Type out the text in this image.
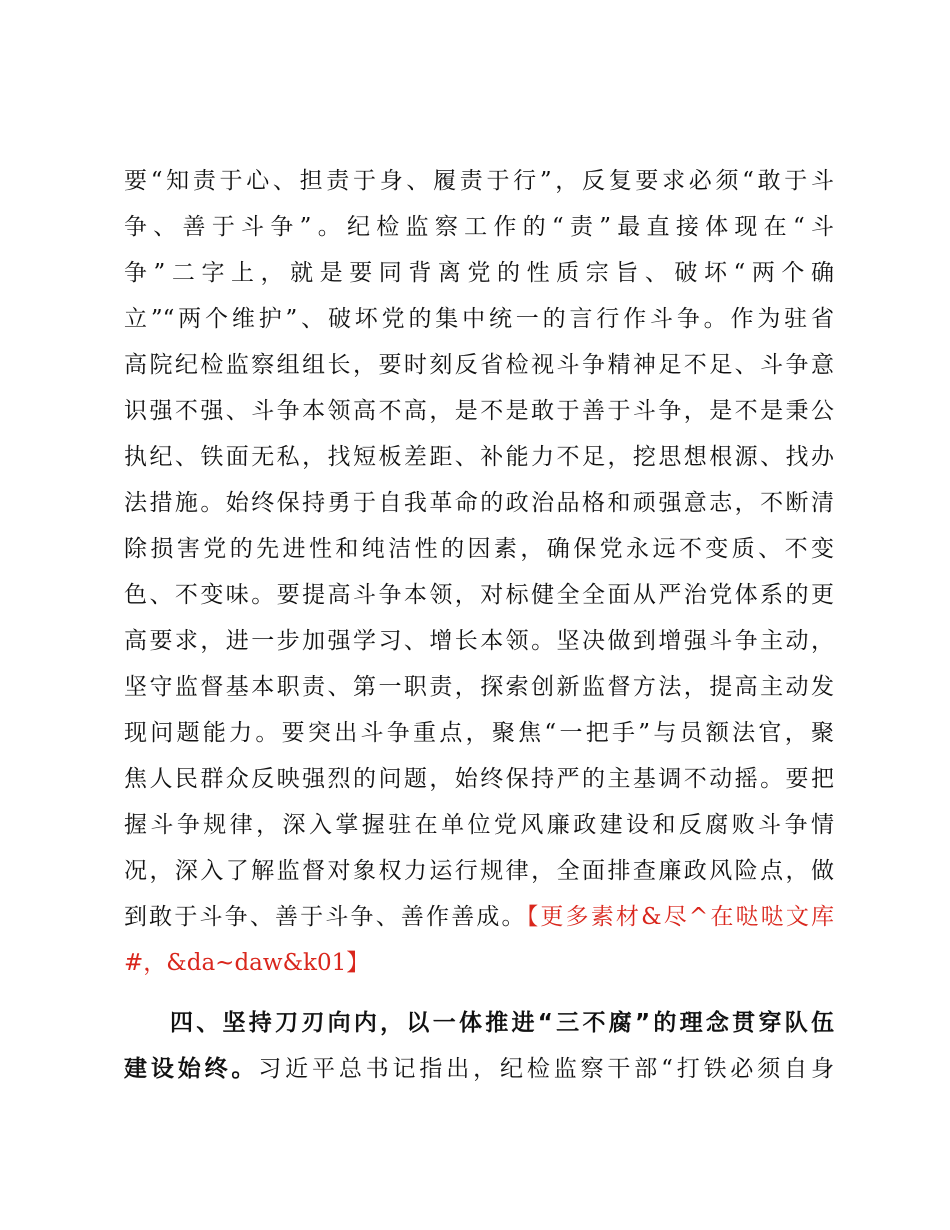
要“知责于心、担责于身、履责于行”，反复要求必须“敢于斗
争、善于斗争”。纪检监察工作的“责”最直接体现在“斗
争”二字上，就是要同背离党的性质宗旨、破坏“两个确
立”“两个维护”、破坏党的集中统一的言行作斗争。作为驻省
高院纪检监察组组长，要时刻反省检视斗争精神足不足、斗争意
识强不强、斗争本领高不高，是不是敢于善于斗争，是不是秉公
执纪、铁面无私，找短板差距、补能力不足，挖思想根源、找办
法措施。始终保持勇于自我革命的政治品格和顽强意志，不断清
除损害党的先进性和纯洁性的因素，确保党永远不变质、不变
色、不变味。要提高斗争本领，对标健全全面从严治党体系的更
高要求，进一步加强学习、增长本领。坚决做到增强斗争主动，
坚守监督基本职责、第一职责，探索创新监督方法，提高主动发
现问题能力。要突出斗争重点，聚焦“一把手”与员额法官，聚
焦人民群众反映强烈的问题，始终保持严的主基调不动摇。要把
握斗争规律，深入掌握驻在单位党风廉政建设和反腐败斗争情
况，深入了解监督对象权力运行规律，全面排查廉政风险点，做
到敢于斗争、善于斗争、善作善成。【更多素材&尽^在哒哒文库
#，&da~daw&k01】
四、坚持刀刃向内，以一体推进“三不腐”的理念贯穿队伍
建设始终。习近平总书记指出，纪检监察干部“打铁必须自身
